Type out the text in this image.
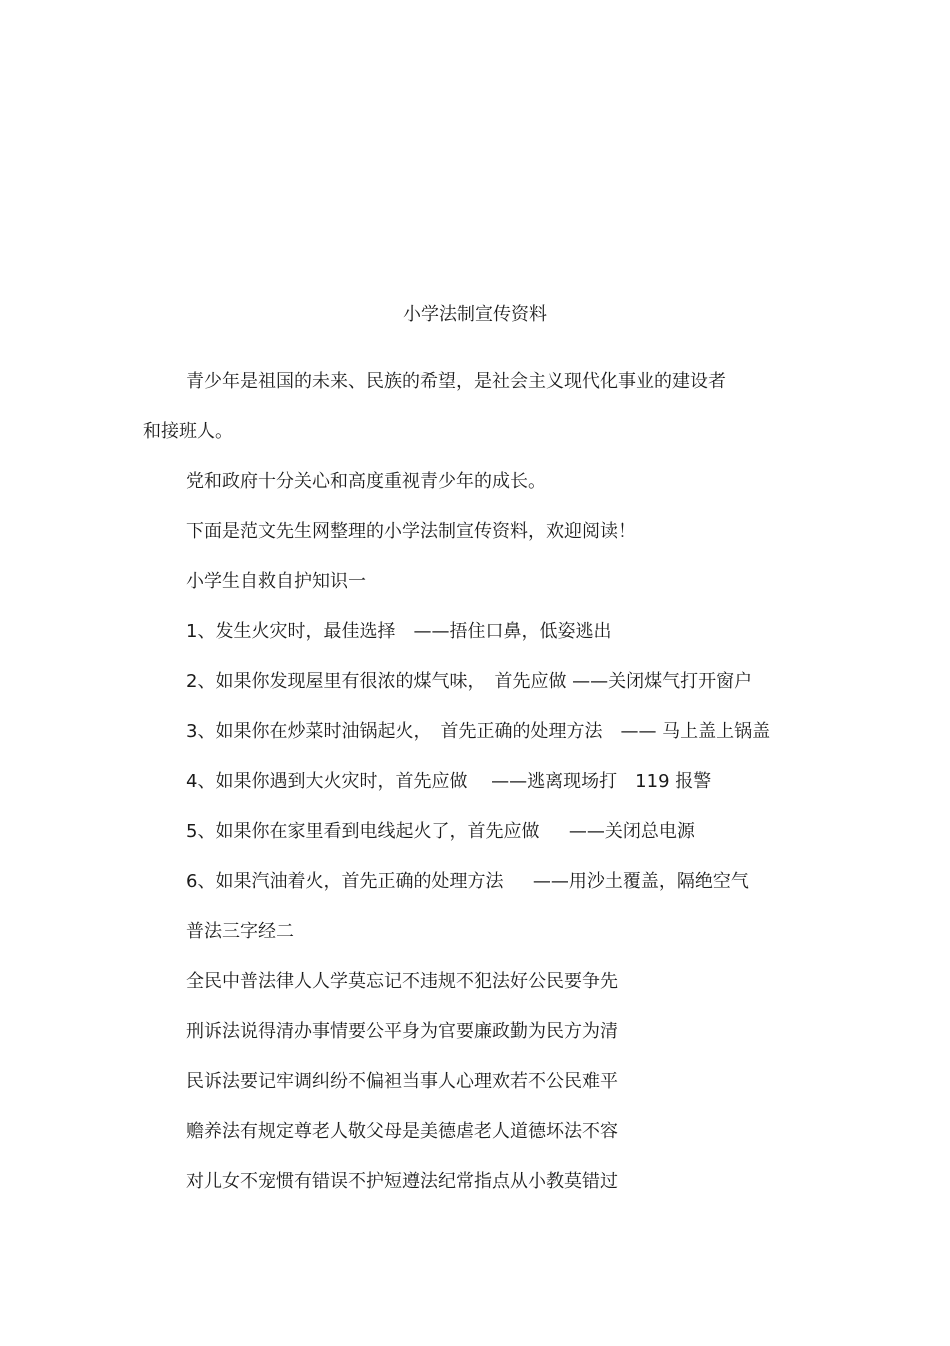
小学法制宣传资料
青少年是祖国的未来、民族的希望，是社会主义现代化事业的建设者
和接班人。
党和政府十分关心和高度重视青少年的成长。
下面是范文先生网整理的小学法制宣传资料，欢迎阅读！
小学生自救自护知识一
1、发生火灾时，最佳选择　——捂住口鼻，低姿逃出
2、如果你发现屋里有很浓的煤气味，　首先应做 ——关闭煤气打开窗户
3、如果你在炒菜时油锅起火，　首先正确的处理方法　—— 马上盖上锅盖
4、如果你遇到大火灾时，首先应做　 ——逃离现场打　119 报警
5、如果你在家里看到电线起火了，首先应做　  ——关闭总电源
6、如果汽油着火，首先正确的处理方法　  ——用沙土覆盖，隔绝空气
普法三字经二
全民中普法律人人学莫忘记不违规不犯法好公民要争先
刑诉法说得清办事情要公平身为官要廉政勤为民方为清
民诉法要记牢调纠纷不偏袒当事人心理欢若不公民难平
赡养法有规定尊老人敬父母是美德虐老人道德坏法不容
对儿女不宠惯有错误不护短遵法纪常指点从小教莫错过
